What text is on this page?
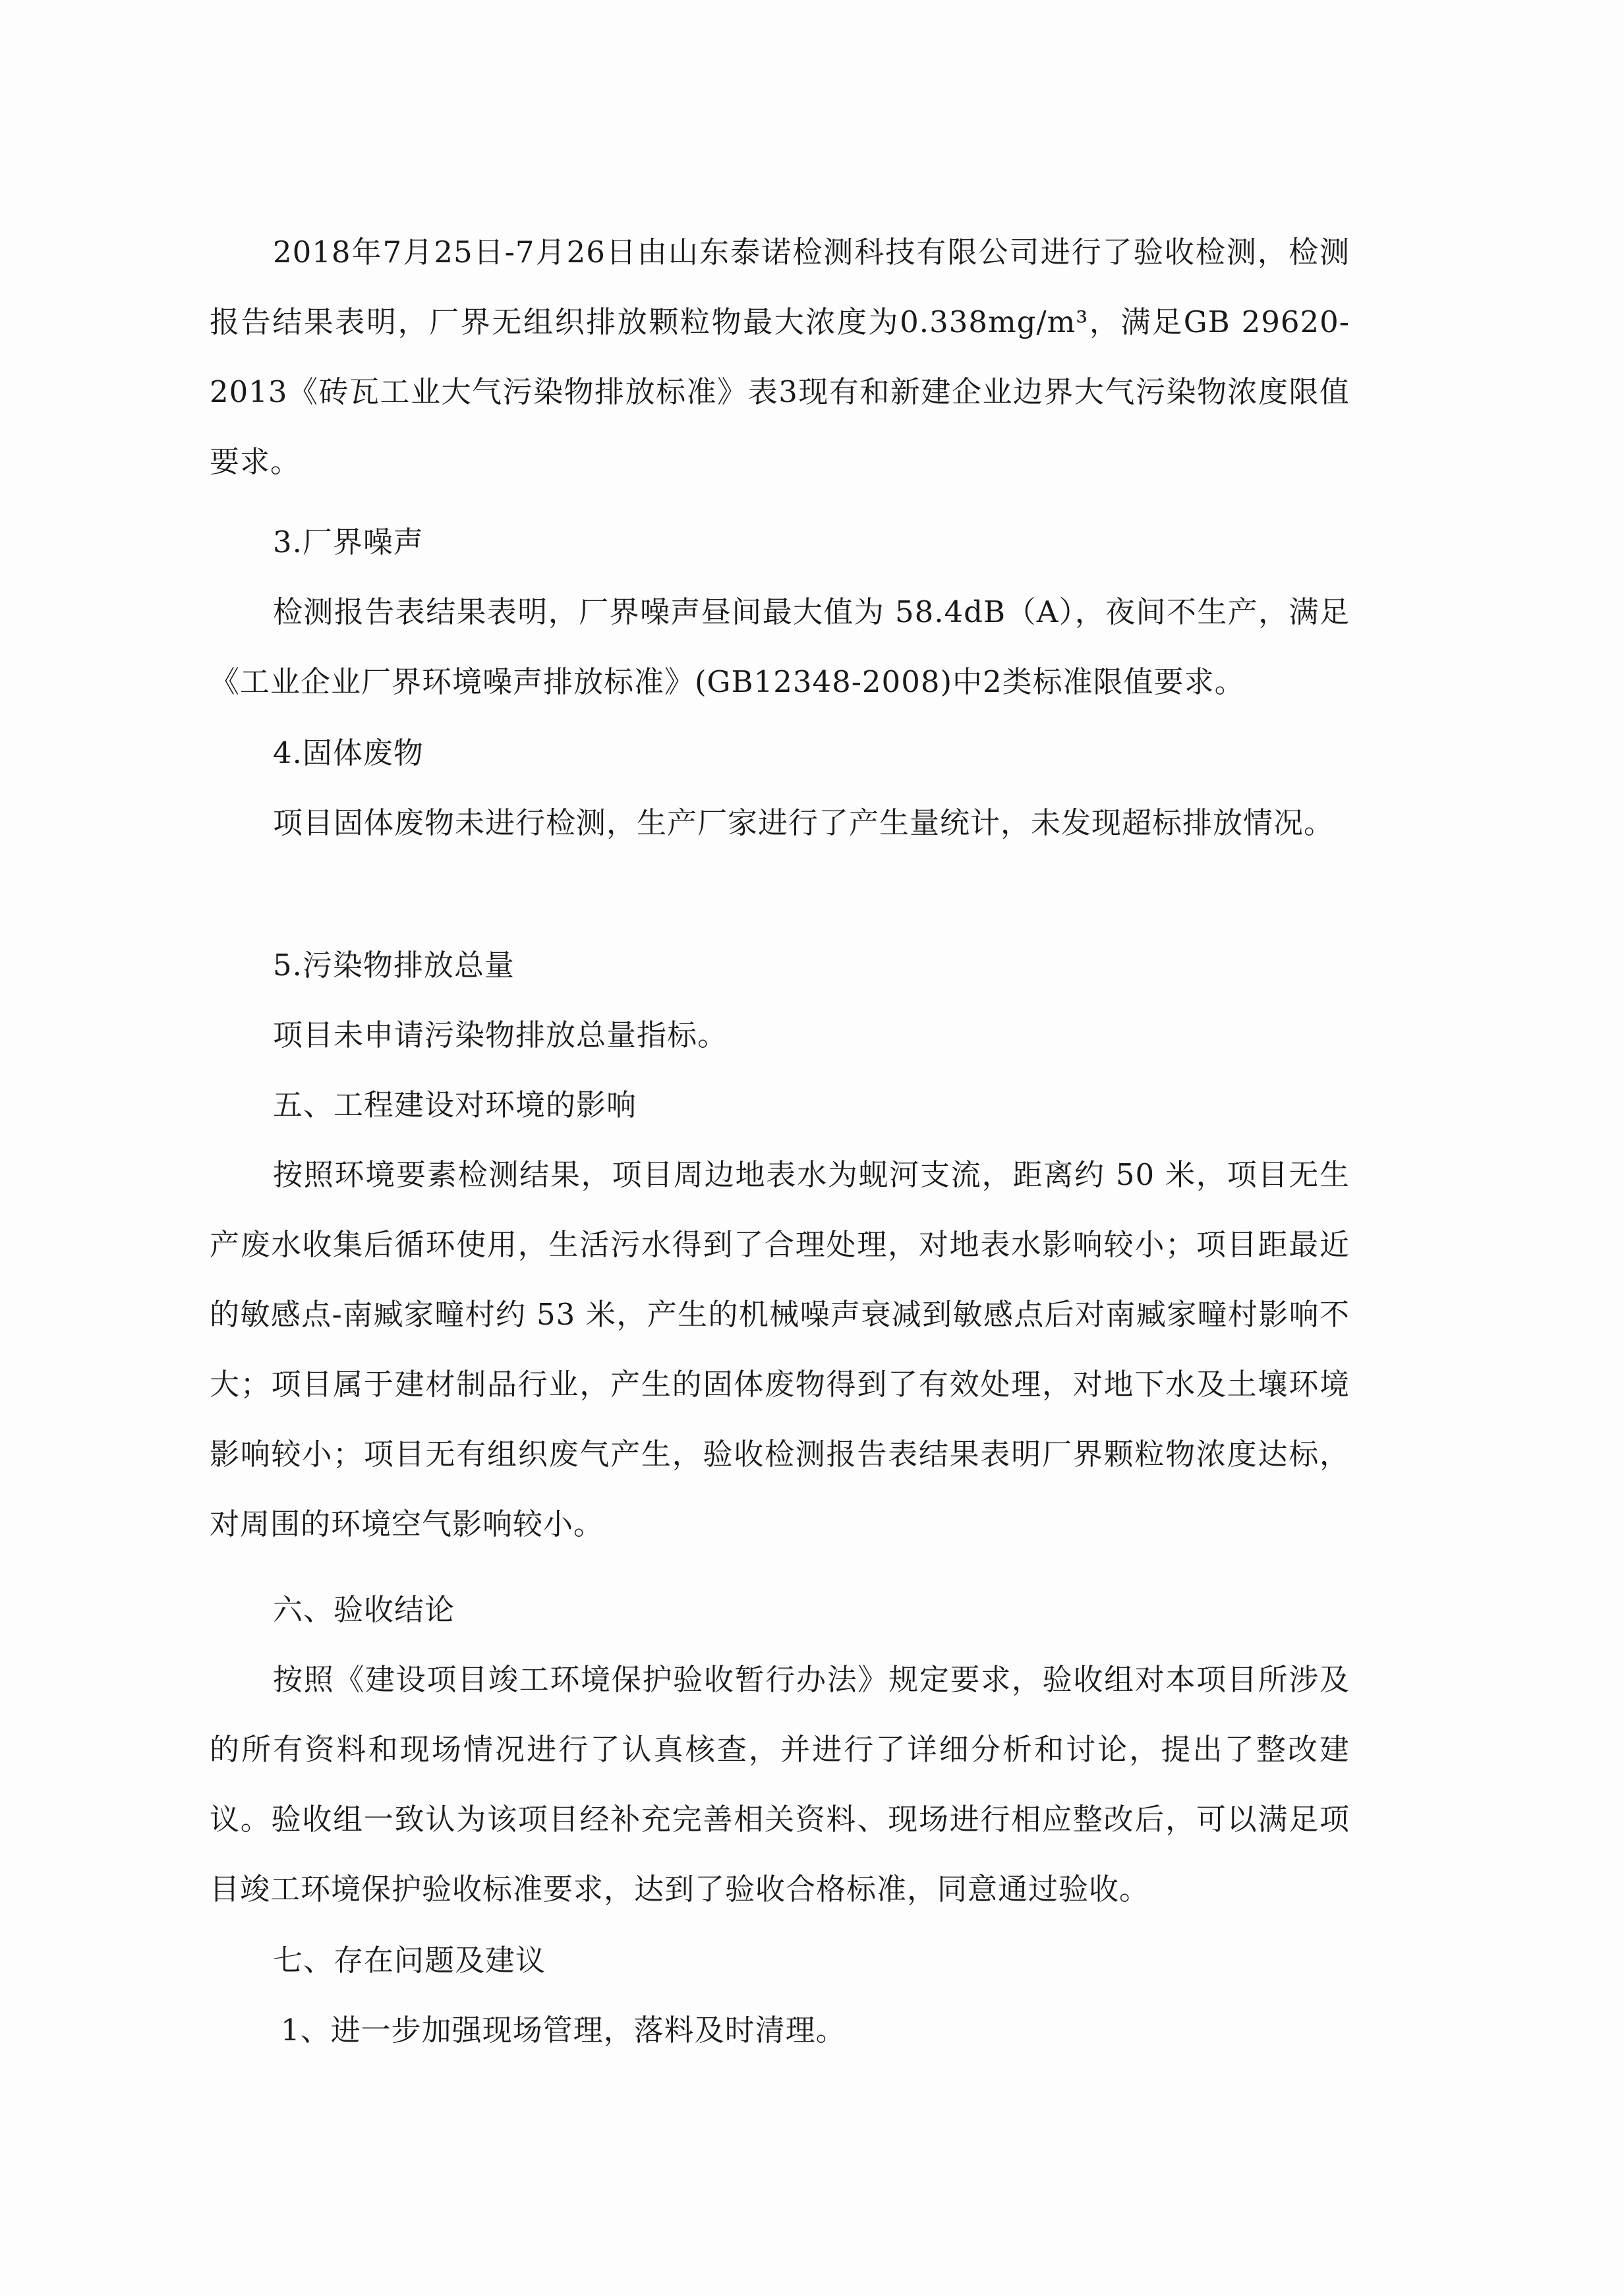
2018年7月25日-7月26日由山东泰诺检测科技有限公司进行了验收检测，检测报告结果表明，厂界无组织排放颗粒物最大浓度为0.338mg/m³，满足GB 29620-2013《砖瓦工业大气污染物排放标准》表3现有和新建企业边界大气污染物浓度限值要求。

3.厂界噪声

检测报告表结果表明，厂界噪声昼间最大值为 58.4dB（A），夜间不生产，满足《工业企业厂界环境噪声排放标准》(GB12348-2008)中2类标准限值要求。

4.固体废物

项目固体废物未进行检测，生产厂家进行了产生量统计，未发现超标排放情况。

5.污染物排放总量

项目未申请污染物排放总量指标。

五、工程建设对环境的影响

按照环境要素检测结果，项目周边地表水为蚬河支流，距离约 50 米，项目无生产废水收集后循环使用，生活污水得到了合理处理，对地表水影响较小；项目距最近的敏感点-南臧家疃村约 53 米，产生的机械噪声衰减到敏感点后对南臧家疃村影响不大；项目属于建材制品行业，产生的固体废物得到了有效处理，对地下水及土壤环境影响较小；项目无有组织废气产生，验收检测报告表结果表明厂界颗粒物浓度达标，对周围的环境空气影响较小。

六、验收结论

按照《建设项目竣工环境保护验收暂行办法》规定要求，验收组对本项目所涉及的所有资料和现场情况进行了认真核查，并进行了详细分析和讨论，提出了整改建议。验收组一致认为该项目经补充完善相关资料、现场进行相应整改后，可以满足项目竣工环境保护验收标准要求，达到了验收合格标准，同意通过验收。

七、存在问题及建议

1、进一步加强现场管理，落料及时清理。
